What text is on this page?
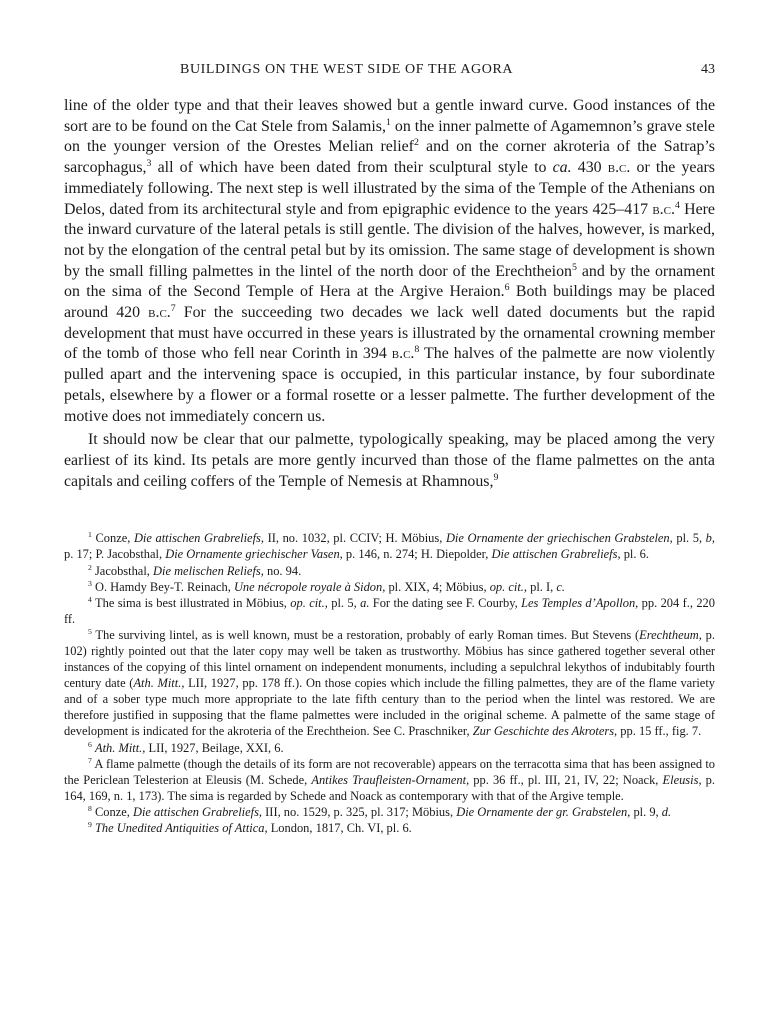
BUILDINGS ON THE WEST SIDE OF THE AGORA	43

line of the older type and that their leaves showed but a gentle inward curve. Good instances of the sort are to be found on the Cat Stele from Salamis,$^1$ on the inner palmette of Agamemnon’s grave stele on the younger version of the Orestes Melian relief$^2$ and on the corner akroteria of the Satrap’s sarcophagus,$^3$ all of which have been dated from their sculptural style to ca. 430 b.c. or the years immediately following. The next step is well illustrated by the sima of the Temple of the Athenians on Delos, dated from its architectural style and from epigraphic evidence to the years 425–417 b.c.$^4$ Here the inward curvature of the lateral petals is still gentle. The division of the halves, however, is marked, not by the elongation of the central petal but by its omission. The same stage of development is shown by the small filling palmettes in the lintel of the north door of the Erechtheion$^5$ and by the ornament on the sima of the Second Temple of Hera at the Argive Heraion.$^6$ Both buildings may be placed around 420 b.c.$^7$ For the succeeding two decades we lack well dated documents but the rapid development that must have occurred in these years is illustrated by the ornamental crowning member of the tomb of those who fell near Corinth in 394 b.c.$^8$ The halves of the palmette are now violently pulled apart and the intervening space is occupied, in this particular instance, by four subordinate petals, elsewhere by a flower or a formal rosette or a lesser palmette. The further development of the motive does not immediately concern us.

It should now be clear that our palmette, typologically speaking, may be placed among the very earliest of its kind. Its petals are more gently incurved than those of the flame palmettes on the anta capitals and ceiling coffers of the Temple of Nemesis at Rhamnous,$^9$

$^1$ Conze, Die attischen Grabreliefs, II, no. 1032, pl. CCIV; H. Möbius, Die Ornamente der griechischen Grabstelen, pl. 5, b, p. 17; P. Jacobsthal, Die Ornamente griechischer Vasen, p. 146, n. 274; H. Diepolder, Die attischen Grabreliefs, pl. 6.

$^2$ Jacobsthal, Die melischen Reliefs, no. 94.

$^3$ O. Hamdy Bey-T. Reinach, Une nécropole royale à Sidon, pl. XIX, 4; Möbius, op. cit., pl. I, c.

$^4$ The sima is best illustrated in Möbius, op. cit., pl. 5, a. For the dating see F. Courby, Les Temples d’Apollon, pp. 204 f., 220 ff.

$^5$ The surviving lintel, as is well known, must be a restoration, probably of early Roman times. But Stevens (Erechtheum, p. 102) rightly pointed out that the later copy may well be taken as trustworthy. Möbius has since gathered together several other instances of the copying of this lintel ornament on independent monuments, including a sepulchral lekythos of indubitably fourth century date (Ath. Mitt., LII, 1927, pp. 178 ff.). On those copies which include the filling palmettes, they are of the flame variety and of a sober type much more appropriate to the late fifth century than to the period when the lintel was restored. We are therefore justified in supposing that the flame palmettes were included in the original scheme. A palmette of the same stage of development is indicated for the akroteria of the Erechtheion. See C. Praschniker, Zur Geschichte des Akroters, pp. 15 ff., fig. 7.

$^6$ Ath. Mitt., LII, 1927, Beilage, XXI, 6.

$^7$ A flame palmette (though the details of its form are not recoverable) appears on the terracotta sima that has been assigned to the Periclean Telesterion at Eleusis (M. Schede, Antikes Traufleisten-Ornament, pp. 36 ff., pl. III, 21, IV, 22; Noack, Eleusis, p. 164, 169, n. 1, 173). The sima is regarded by Schede and Noack as contemporary with that of the Argive temple.

$^8$ Conze, Die attischen Grabreliefs, III, no. 1529, p. 325, pl. 317; Möbius, Die Ornamente der gr. Grabstelen, pl. 9, d.

$^9$ The Unedited Antiquities of Attica, London, 1817, Ch. VI, pl. 6.
